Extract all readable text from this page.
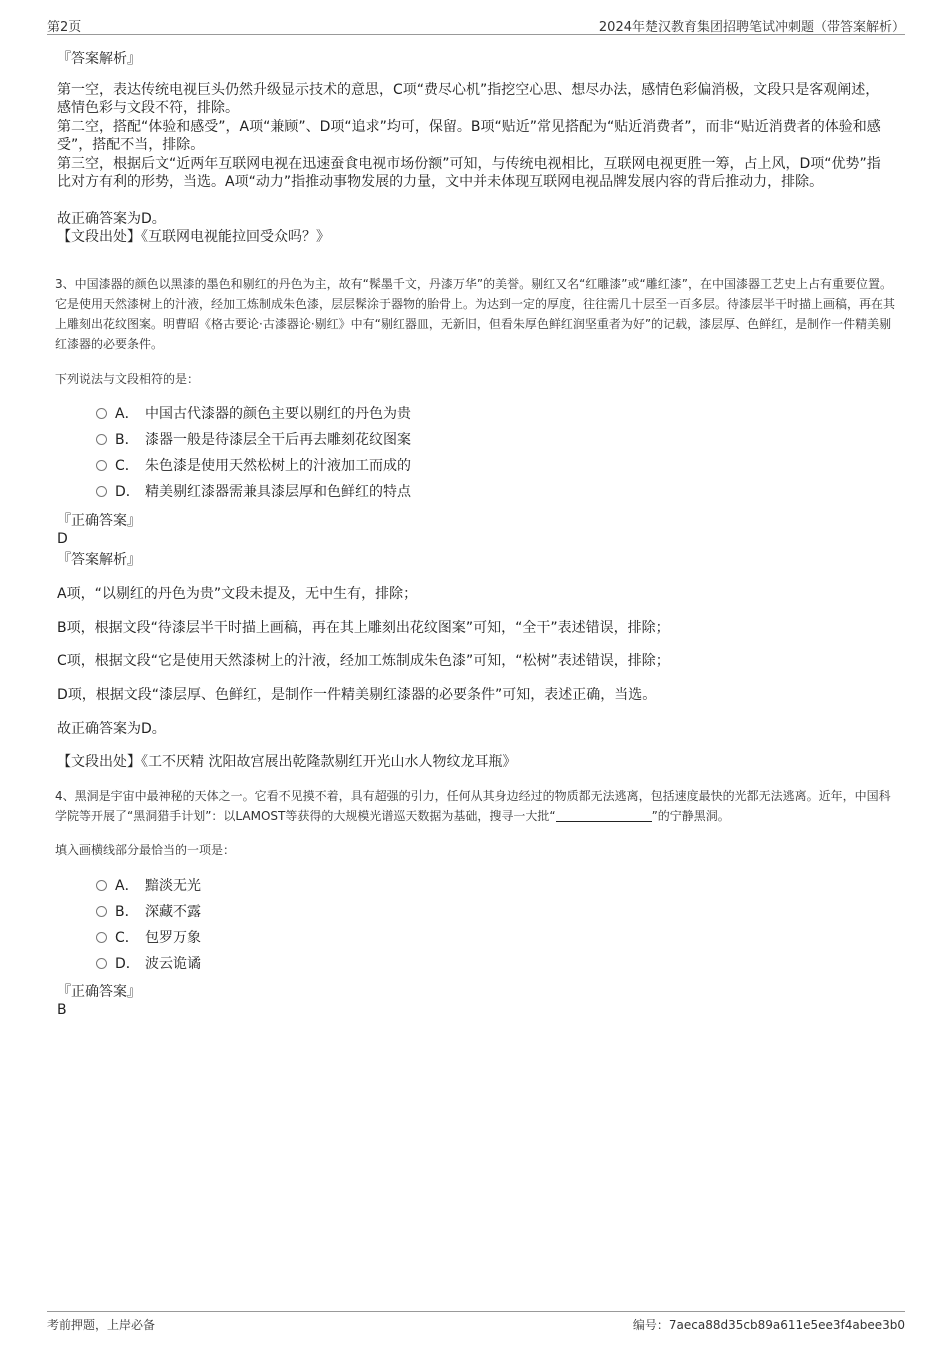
第2页	2024年楚汉教育集团招聘笔试冲刺题（带答案解析）
『答案解析』
第一空，表达传统电视巨头仍然升级显示技术的意思，C项“费尽心机”指挖空心思、想尽办法，感情色彩偏消极，文段只是客观阐述，感情色彩与文段不符，排除。
第二空，搭配“体验和感受”，A项“兼顾”、D项“追求”均可，保留。B项“贴近”常见搭配为“贴近消费者”，而非“贴近消费者的体验和感受”，搭配不当，排除。
第三空，根据后文“近两年互联网电视在迅速蚕食电视市场份额”可知，与传统电视相比，互联网电视更胜一筹，占上风，D项“优势”指比对方有利的形势，当选。A项“动力”指推动事物发展的力量，文中并未体现互联网电视品牌发展内容的背后推动力，排除。
故正确答案为D。
【文段出处】《互联网电视能拉回受众吗？》
3、中国漆器的颜色以黑漆的墨色和剔红的丹色为主，故有“髹墨千文，丹漆万华”的美誉。剔红又名“红雕漆”或“雕红漆”，在中国漆器工艺史上占有重要位置。它是使用天然漆树上的汁液，经加工炼制成朱色漆，层层髹涂于器物的胎骨上。为达到一定的厚度，往往需几十层至一百多层。待漆层半干时描上画稿，再在其上雕刻出花纹图案。明曹昭《格古要论·古漆器论·剔红》中有“剔红器皿，无新旧，但看朱厚色鲜红润坚重者为好”的记载，漆层厚、色鲜红，是制作一件精美剔红漆器的必要条件。
下列说法与文段相符的是：
A． 中国古代漆器的颜色主要以剔红的丹色为贵
B． 漆器一般是待漆层全干后再去雕刻花纹图案
C． 朱色漆是使用天然松树上的汁液加工而成的
D． 精美剔红漆器需兼具漆层厚和色鲜红的特点
『正确答案』
D
『答案解析』
A项，“以剔红的丹色为贵”文段未提及，无中生有，排除；
B项，根据文段“待漆层半干时描上画稿，再在其上雕刻出花纹图案”可知，“全干”表述错误，排除；
C项，根据文段“它是使用天然漆树上的汁液，经加工炼制成朱色漆”可知，“松树”表述错误，排除；
D项，根据文段“漆层厚、色鲜红，是制作一件精美剔红漆器的必要条件”可知，表述正确，当选。
故正确答案为D。
【文段出处】《工不厌精 沈阳故宫展出乾隆款剔红开光山水人物纹龙耳瓶》
4、黑洞是宇宙中最神秘的天体之一。它看不见摸不着，具有超强的引力，任何从其身边经过的物质都无法逃离，包括速度最快的光都无法逃离。近年，中国科学院等开展了“黑洞猎手计划”：以LAMOST等获得的大规模光谱巡天数据为基础，搜寻一大批“	”的宁静黑洞。
填入画横线部分最恰当的一项是：
A． 黯淡无光
B． 深藏不露
C． 包罗万象
D． 波云诡谲
『正确答案』
B
考前押题，上岸必备	编号：7aeca88d35cb89a611e5ee3f4abee3b0
